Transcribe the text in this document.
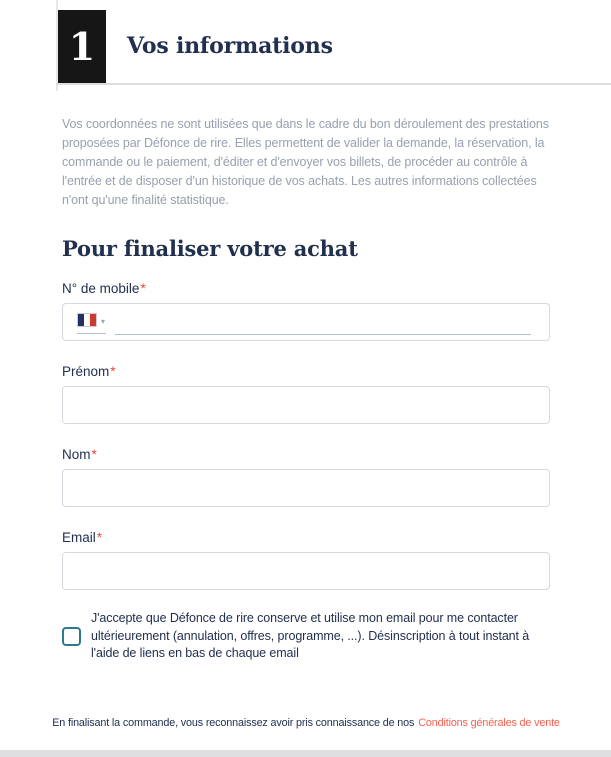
1 Vos informations

Vos coordonnées ne sont utilisées que dans le cadre du bon déroulement des prestations proposées par Défonce de rire. Elles permettent de valider la demande, la réservation, la commande ou le paiement, d'éditer et d'envoyer vos billets, de procéder au contrôle à l'entrée et de disposer d'un historique de vos achats. Les autres informations collectées n'ont qu'une finalité statistique.

Pour finaliser votre achat
N° de mobile*
▾
Prénom*
Nom*
Email*
J'accepte que Défonce de rire conserve et utilise mon email pour me contacter ultérieurement (annulation, offres, programme, ...). Désinscription à tout instant à l'aide de liens en bas de chaque email
En finalisant la commande, vous reconnaissez avoir pris connaissance de nos Conditions générales de vente
